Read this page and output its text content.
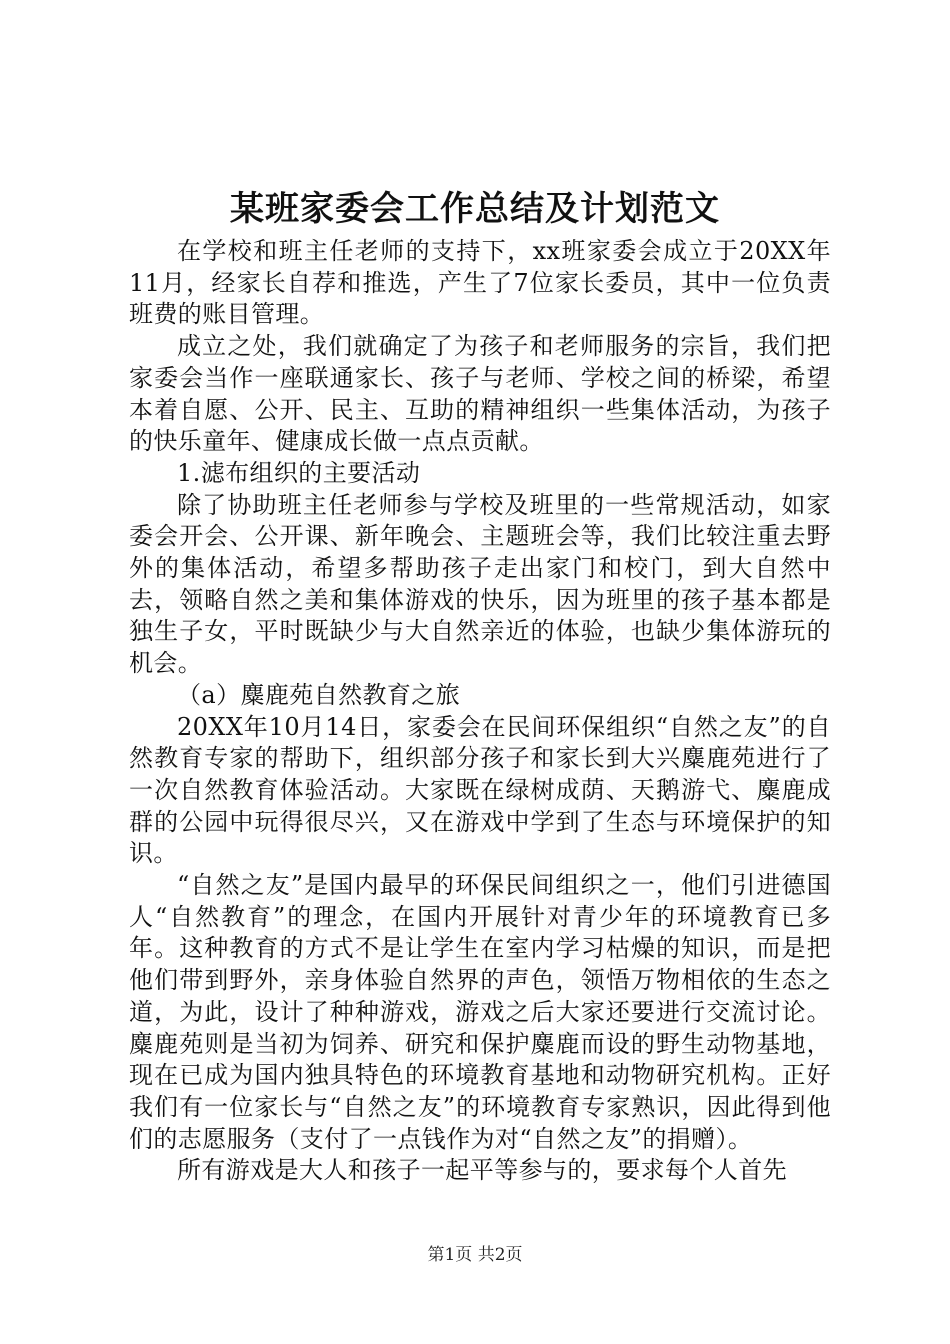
某班家委会工作总结及计划范文

在学校和班主任老师的支持下，xx班家委会成立于20XX年11月，经家长自荐和推选，产生了7位家长委员，其中一位负责班费的账目管理。

成立之处，我们就确定了为孩子和老师服务的宗旨，我们把家委会当作一座联通家长、孩子与老师、学校之间的桥梁，希望本着自愿、公开、民主、互助的精神组织一些集体活动，为孩子的快乐童年、健康成长做一点点贡献。

1.滤布组织的主要活动

除了协助班主任老师参与学校及班里的一些常规活动，如家委会开会、公开课、新年晚会、主题班会等，我们比较注重去野外的集体活动，希望多帮助孩子走出家门和校门，到大自然中去，领略自然之美和集体游戏的快乐，因为班里的孩子基本都是独生子女，平时既缺少与大自然亲近的体验，也缺少集体游玩的机会。

（a）麋鹿苑自然教育之旅

20XX年10月14日，家委会在民间环保组织“自然之友”的自然教育专家的帮助下，组织部分孩子和家长到大兴麋鹿苑进行了一次自然教育体验活动。大家既在绿树成荫、天鹅游弋、麋鹿成群的公园中玩得很尽兴，又在游戏中学到了生态与环境保护的知识。

“自然之友”是国内最早的环保民间组织之一，他们引进德国人“自然教育”的理念，在国内开展针对青少年的环境教育已多年。这种教育的方式不是让学生在室内学习枯燥的知识，而是把他们带到野外，亲身体验自然界的声色，领悟万物相依的生态之道，为此，设计了种种游戏，游戏之后大家还要进行交流讨论。麋鹿苑则是当初为饲养、研究和保护麋鹿而设的野生动物基地，现在已成为国内独具特色的环境教育基地和动物研究机构。正好我们有一位家长与“自然之友”的环境教育专家熟识，因此得到他们的志愿服务（支付了一点钱作为对“自然之友”的捐赠）。

所有游戏是大人和孩子一起平等参与的，要求每个人首先

第1页 共2页
